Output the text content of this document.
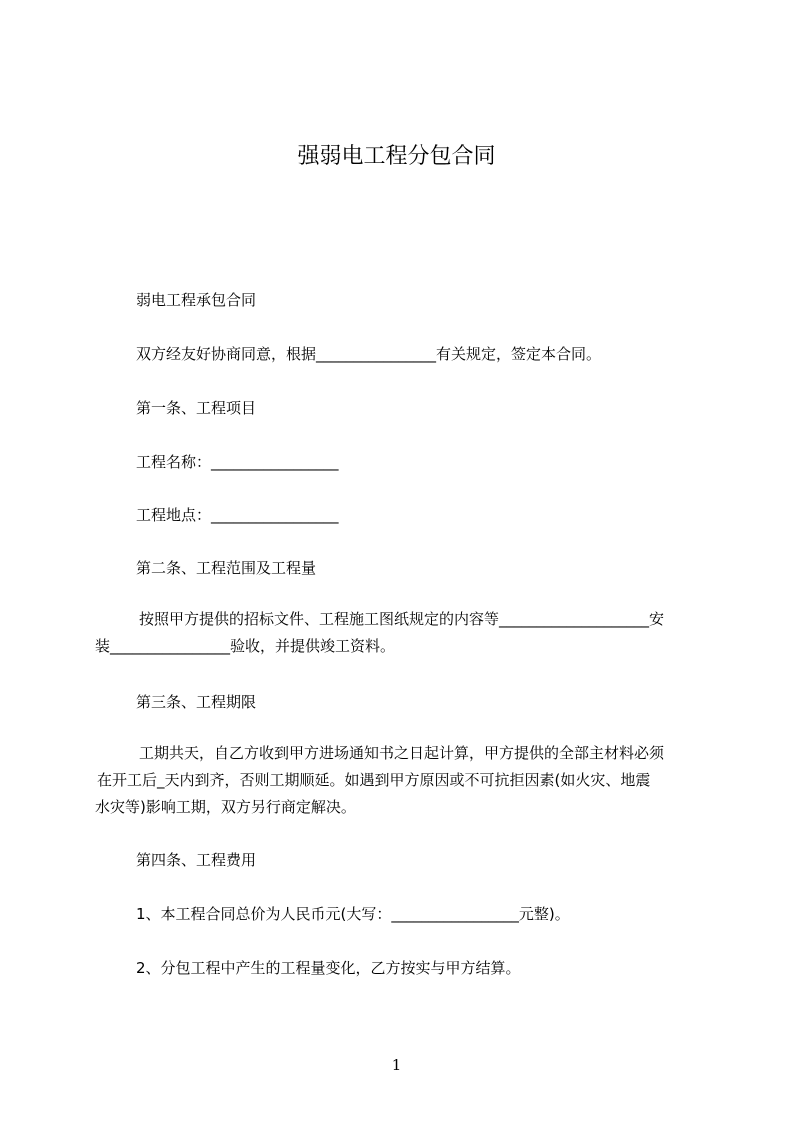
强弱电工程分包合同
弱电工程承包合同
双方经友好协商同意，根据________________有关规定，签定本合同。
第一条、工程项目
工程名称：_________________
工程地点：_________________
第二条、工程范围及工程量
按照甲方提供的招标文件、工程施工图纸规定的内容等____________________安
装________________验收，并提供竣工资料。
第三条、工程期限
工期共天，自乙方收到甲方进场通知书之日起计算，甲方提供的全部主材料必须
在开工后_天内到齐，否则工期顺延。如遇到甲方原因或不可抗拒因素(如火灾、地震
水灾等)影响工期，双方另行商定解决。
第四条、工程费用
1、本工程合同总价为人民币元(大写：_________________元整)。
2、分包工程中产生的工程量变化，乙方按实与甲方结算。
1
